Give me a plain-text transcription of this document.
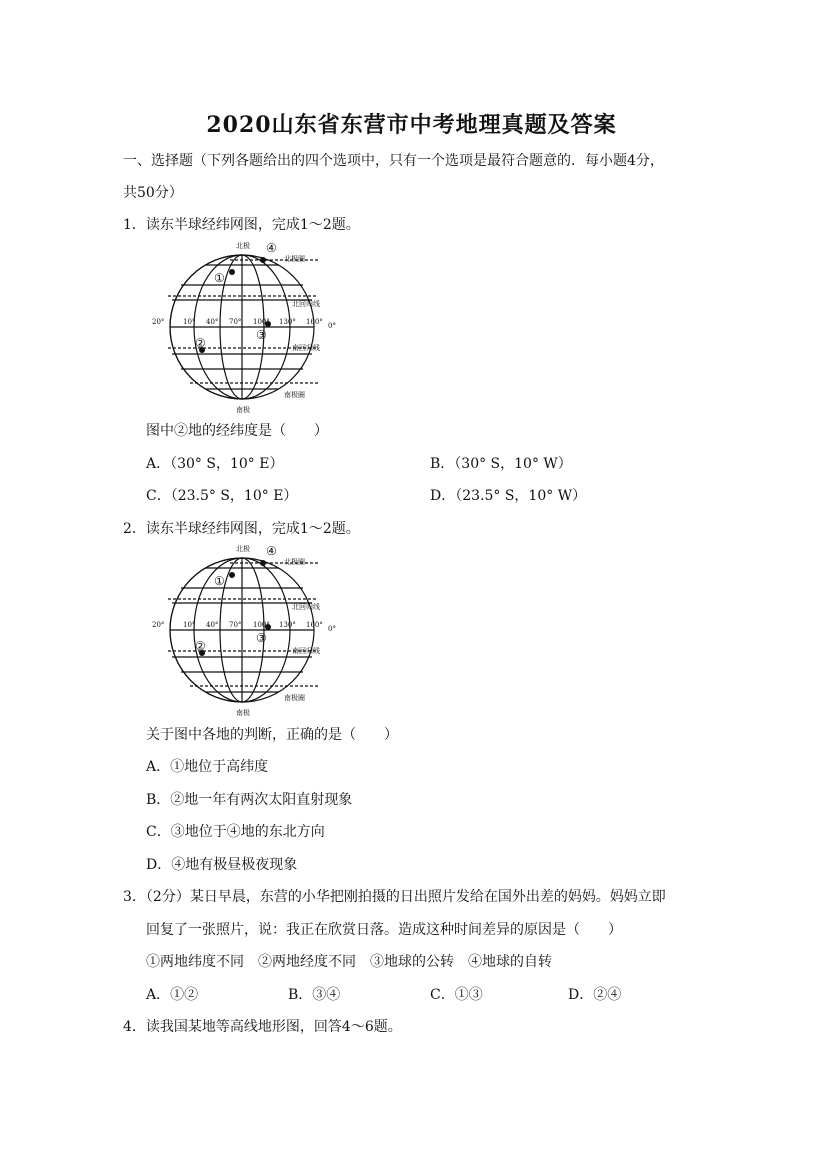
2020山东省东营市中考地理真题及答案
一、选择题（下列各题给出的四个选项中，只有一个选项是最符合题意的．每小题4分，
共50分）
1．读东半球经纬网图，完成1～2题。
北极
南极
北极圈
北回归线
南回归线
南极圈
20°	10° 40° 70° 100° 130° 160° 0°
①
④
③
②
图中②地的经纬度是（　　）
A．（30° S，10° E）	B．（30° S，10° W）
C．（23.5° S，10° E）	D．（23.5° S，10° W）
2．读东半球经纬网图，完成1～2题。
北极
南极
北极圈
北回归线
南回归线
南极圈
20°	10° 40° 70° 100° 130° 160° 0°
①
④
③
②
关于图中各地的判断，正确的是（　　）
A．①地位于高纬度
B．②地一年有两次太阳直射现象
C．③地位于④地的东北方向
D．④地有极昼极夜现象
3．（2分）某日早晨，东营的小华把刚拍摄的日出照片发给在国外出差的妈妈。妈妈立即
回复了一张照片，说：我正在欣赏日落。造成这种时间差异的原因是（　　）
①两地纬度不同　②两地经度不同　③地球的公转　④地球的自转
A．①②	B．③④	C．①③	D．②④
4．读我国某地等高线地形图，回答4～6题。
